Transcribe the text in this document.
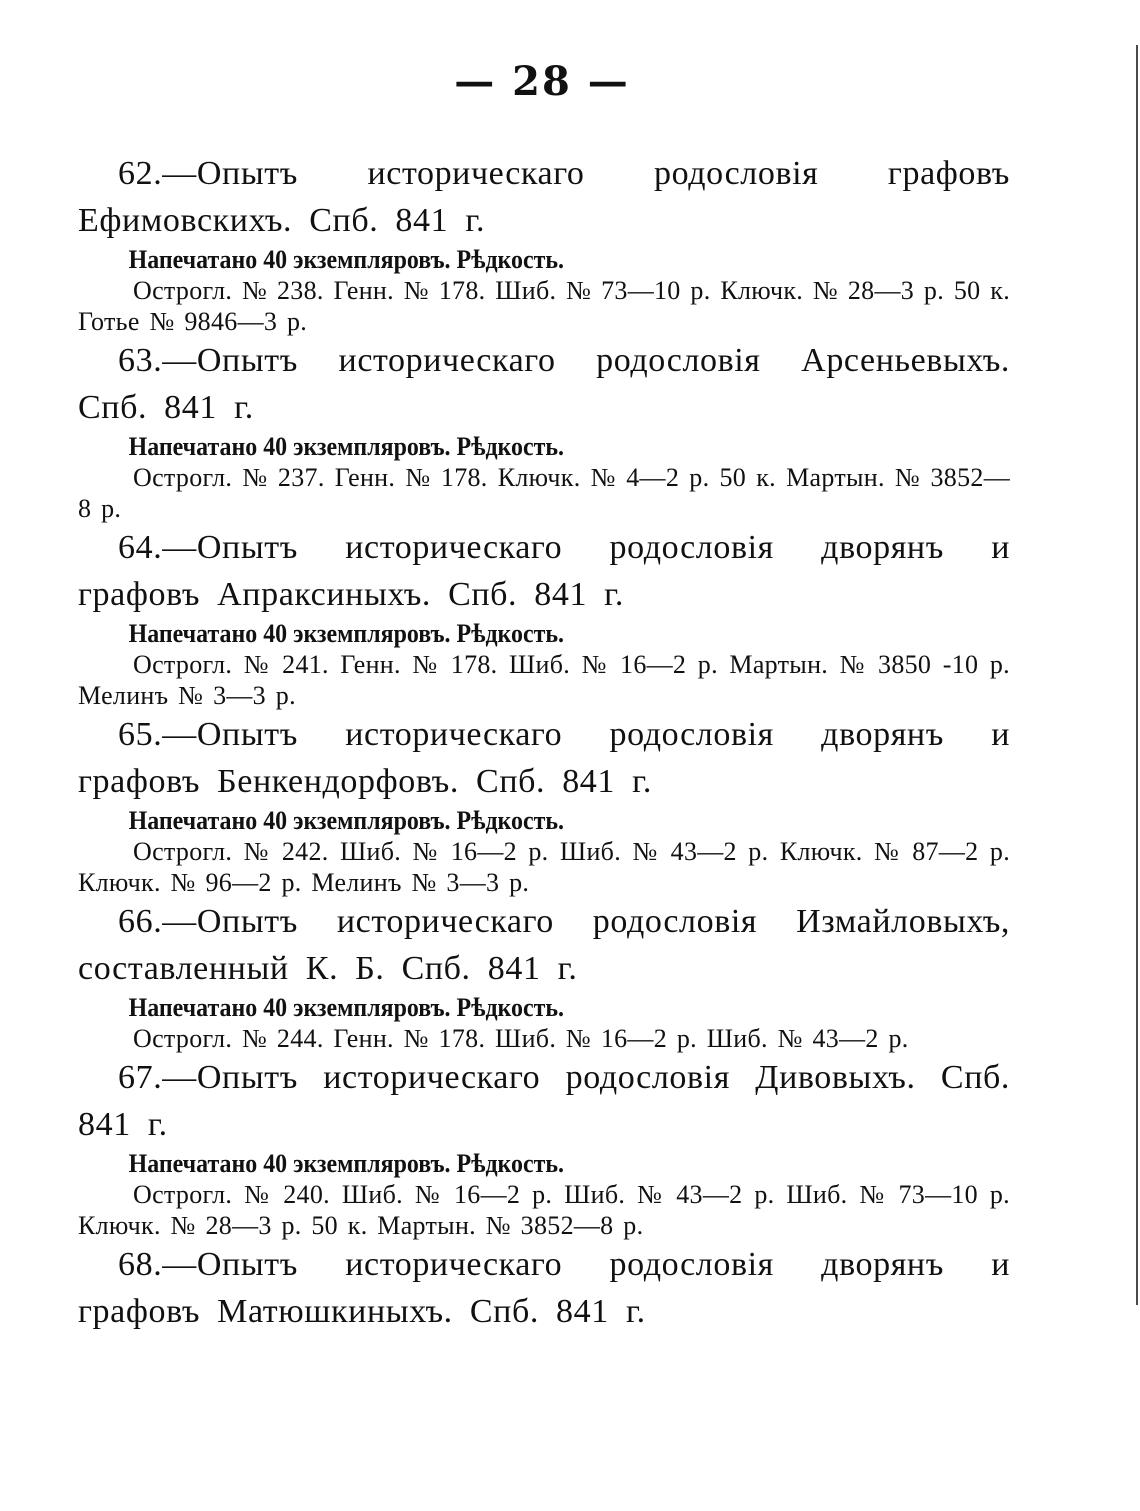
— 28 —
62.—Опытъ историческаго родословія графовъ Ефимовскихъ. Спб. 841 г.
Напечатано 40 экземпляровъ. Рѣдкость.
Острогл. № 238. Генн. № 178. Шиб. № 73—10 р. Ключк. № 28—3 р. 50 к. Готье № 9846—3 р.
63.—Опытъ историческаго родословія Арсеньевыхъ. Спб. 841 г.
Напечатано 40 экземпляровъ. Рѣдкость.
Острогл. № 237. Генн. № 178. Ключк. № 4—2 р. 50 к. Мартын. № 3852—8 р.
64.—Опытъ историческаго родословія дворянъ и графовъ Апраксиныхъ. Спб. 841 г.
Напечатано 40 экземпляровъ. Рѣдкость.
Острогл. № 241. Генн. № 178. Шиб. № 16—2 р. Мартын. № 3850 -10 р. Мелинъ № 3—3 р.
65.—Опытъ историческаго родословія дворянъ и графовъ Бенкендорфовъ. Спб. 841 г.
Напечатано 40 экземпляровъ. Рѣдкость.
Острогл. № 242. Шиб. № 16—2 р. Шиб. № 43—2 р. Ключк. № 87—2 р. Ключк. № 96—2 р. Мелинъ № 3—3 р.
66.—Опытъ историческаго родословія Измайловыхъ, составленный К. Б. Спб. 841 г.
Напечатано 40 экземпляровъ. Рѣдкость.
Острогл. № 244. Генн. № 178. Шиб. № 16—2 р. Шиб. № 43—2 р.
67.—Опытъ историческаго родословія Дивовыхъ. Спб. 841 г.
Напечатано 40 экземпляровъ. Рѣдкость.
Острогл. № 240. Шиб. № 16—2 р. Шиб. № 43—2 р. Шиб. № 73—10 р. Ключк. № 28—3 р. 50 к. Мартын. № 3852—8 р.
68.—Опытъ историческаго родословія дворянъ и графовъ Матюшкиныхъ. Спб. 841 г.
